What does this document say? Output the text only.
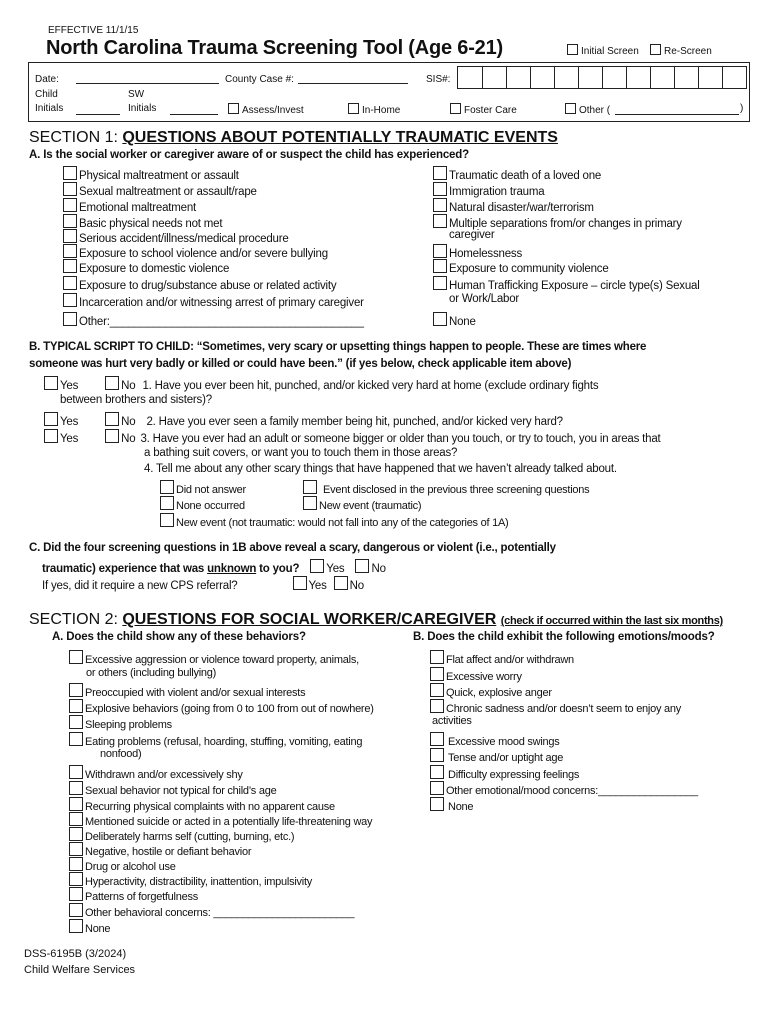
EFFECTIVE 11/1/15
North Carolina Trauma Screening Tool (Age 6-21)	Initial Screen	Re-Screen
Date:	County Case #:	SIS#:
Child
Initials
SW
Initials	Assess/Invest	In-Home	Foster Care	Other (	)
SECTION 1: QUESTIONS ABOUT POTENTIALLY TRAUMATIC EVENTS
A. Is the social worker or caregiver aware of or suspect the child has experienced?
Physical maltreatment or assault
Sexual maltreatment or assault/rape
Emotional maltreatment
Basic physical needs not met
Serious accident/illness/medical procedure
Exposure to school violence and/or severe bullying
Exposure to domestic violence
Exposure to drug/substance abuse or related activity
Incarceration and/or witnessing arrest of primary caregiver
Other:_________________________________________
Traumatic death of a loved one
Immigration trauma
Natural disaster/war/terrorism
Multiple separations from/or changes in primary
caregiver
Homelessness
Exposure to community violence
Human Trafficking Exposure – circle type(s) Sexual
or Work/Labor
None
B. TYPICAL SCRIPT TO CHILD: “Sometimes, very scary or upsetting things happen to people. These are times where
someone was hurt very badly or killed or could have been.” (if yes below, check applicable item above)
Yes	No 1. Have you ever been hit, punched, and/or kicked very hard at home (exclude ordinary fights
between brothers and sisters)?
Yes	No 2. Have you ever seen a family member being hit, punched, and/or kicked very hard?
Yes	No 3. Have you ever had an adult or someone bigger or older than you touch, or try to touch, you in areas that
a bathing suit covers, or want you to touch them in those areas?
4. Tell me about any other scary things that have happened that we haven’t already talked about.
Did not answer	Event disclosed in the previous three screening questions
None occurred	New event (traumatic)
New event (not traumatic: would not fall into any of the categories of 1A)
C. Did the four screening questions in 1B above reveal a scary, dangerous or violent (i.e., potentially
traumatic) experience that was unknown to you? Yes No
If yes, did it require a new CPS referral?	Yes No
SECTION 2: QUESTIONS FOR SOCIAL WORKER/CAREGIVER (check if occurred within the last six months)
A. Does the child show any of these behaviors?	B. Does the child exhibit the following emotions/moods?
Excessive aggression or violence toward property, animals,
or others (including bullying)
Preoccupied with violent and/or sexual interests
Explosive behaviors (going from 0 to 100 from out of nowhere)
Sleeping problems
Eating problems (refusal, hoarding, stuffing, vomiting, eating
nonfood)
Withdrawn and/or excessively shy
Sexual behavior not typical for child’s age
Recurring physical complaints with no apparent cause
Mentioned suicide or acted in a potentially life-threatening way
Deliberately harms self (cutting, burning, etc.)
Negative, hostile or defiant behavior
Drug or alcohol use
Hyperactivity, distractibility, inattention, impulsivity
Patterns of forgetfulness
Other behavioral concerns: ________________________
None
Flat affect and/or withdrawn
Excessive worry
Quick, explosive anger
Chronic sadness and/or doesn’t seem to enjoy any
activities
Excessive mood swings
Tense and/or uptight age
Difficulty expressing feelings
Other emotional/mood concerns:_________________
None
DSS-6195B (3/2024)
Child Welfare Services
